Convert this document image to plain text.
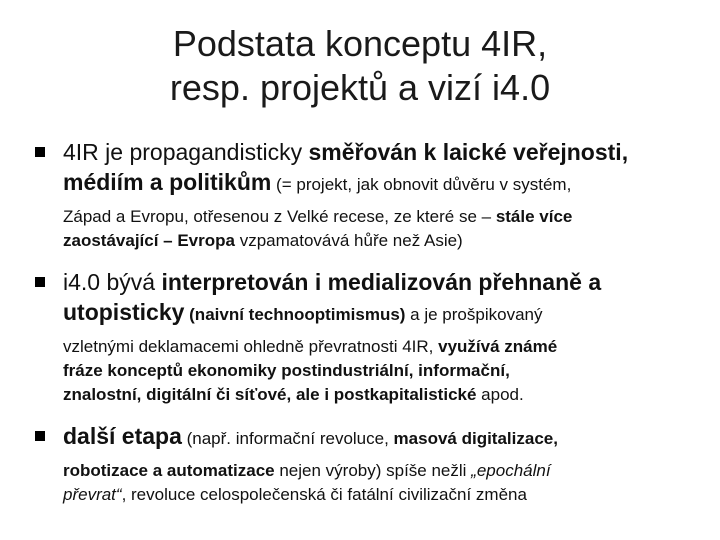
Podstata konceptu 4IR,
resp. projektů a vizí i4.0
4IR je propagandisticky směřován k laické veřejnosti,
médiím a politikům (= projekt, jak obnovit důvěru v systém,
Západ a Evropu, otřesenou z Velké recese, ze které se – stále více
zaostávající – Evropa vzpamatovává hůře než Asie)
i4.0 bývá interpretován i medializován přehnaně a
utopisticky (naivní technooptimismus) a je prošpikovaný
vzletnými deklamacemi ohledně převratnosti 4IR, využívá známé
fráze konceptů ekonomiky postindustriální, informační,
znalostní, digitální či síťové, ale i postkapitalistické apod.
další etapa (např. informační revoluce, masová digitalizace,
robotizace a automatizace nejen výroby) spíše nežli „epochální
převrat“, revoluce celospolečenská či fatální civilizační změna
